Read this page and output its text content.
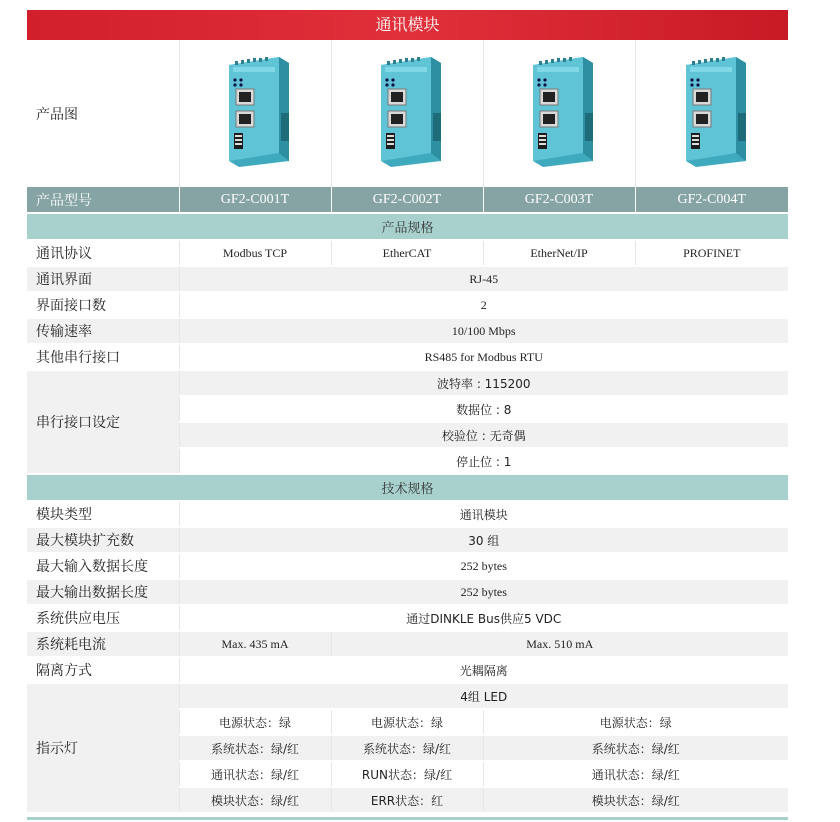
通讯模块
产品图				
产品型号	GF2-C001T	GF2-C002T	GF2-C003T	GF2-C004T
产品规格				
通讯协议	Modbus TCP	EtherCAT	EtherNet/IP	PROFINET
通讯界面	RJ-45			
界面接口数	2			
传输速率	10/100 Mbps			
其他串行接口	RS485 for Modbus RTU			
串行接口设定	波特率 : 115200			
	数据位 : 8			
	校验位 : 无奇偶			
	停止位 : 1			
技术规格				
模块类型	通讯模块			
最大模块扩充数	30 组			
最大输入数据长度	252 bytes			
最大输出数据长度	252 bytes			
系统供应电压	通过DINKLE Bus供应5 VDC			
系统耗电流	Max. 435 mA	Max. 510 mA		
隔离方式	光耦隔离			
指示灯	4组 LED			
	电源状态：绿	电源状态：绿	电源状态：绿	
	系统状态：绿/红	系统状态：绿/红	系统状态：绿/红	
	通讯状态：绿/红	RUN状态：绿/红	通讯状态：绿/红	
	模块状态：绿/红	ERR状态：红	模块状态：绿/红	
